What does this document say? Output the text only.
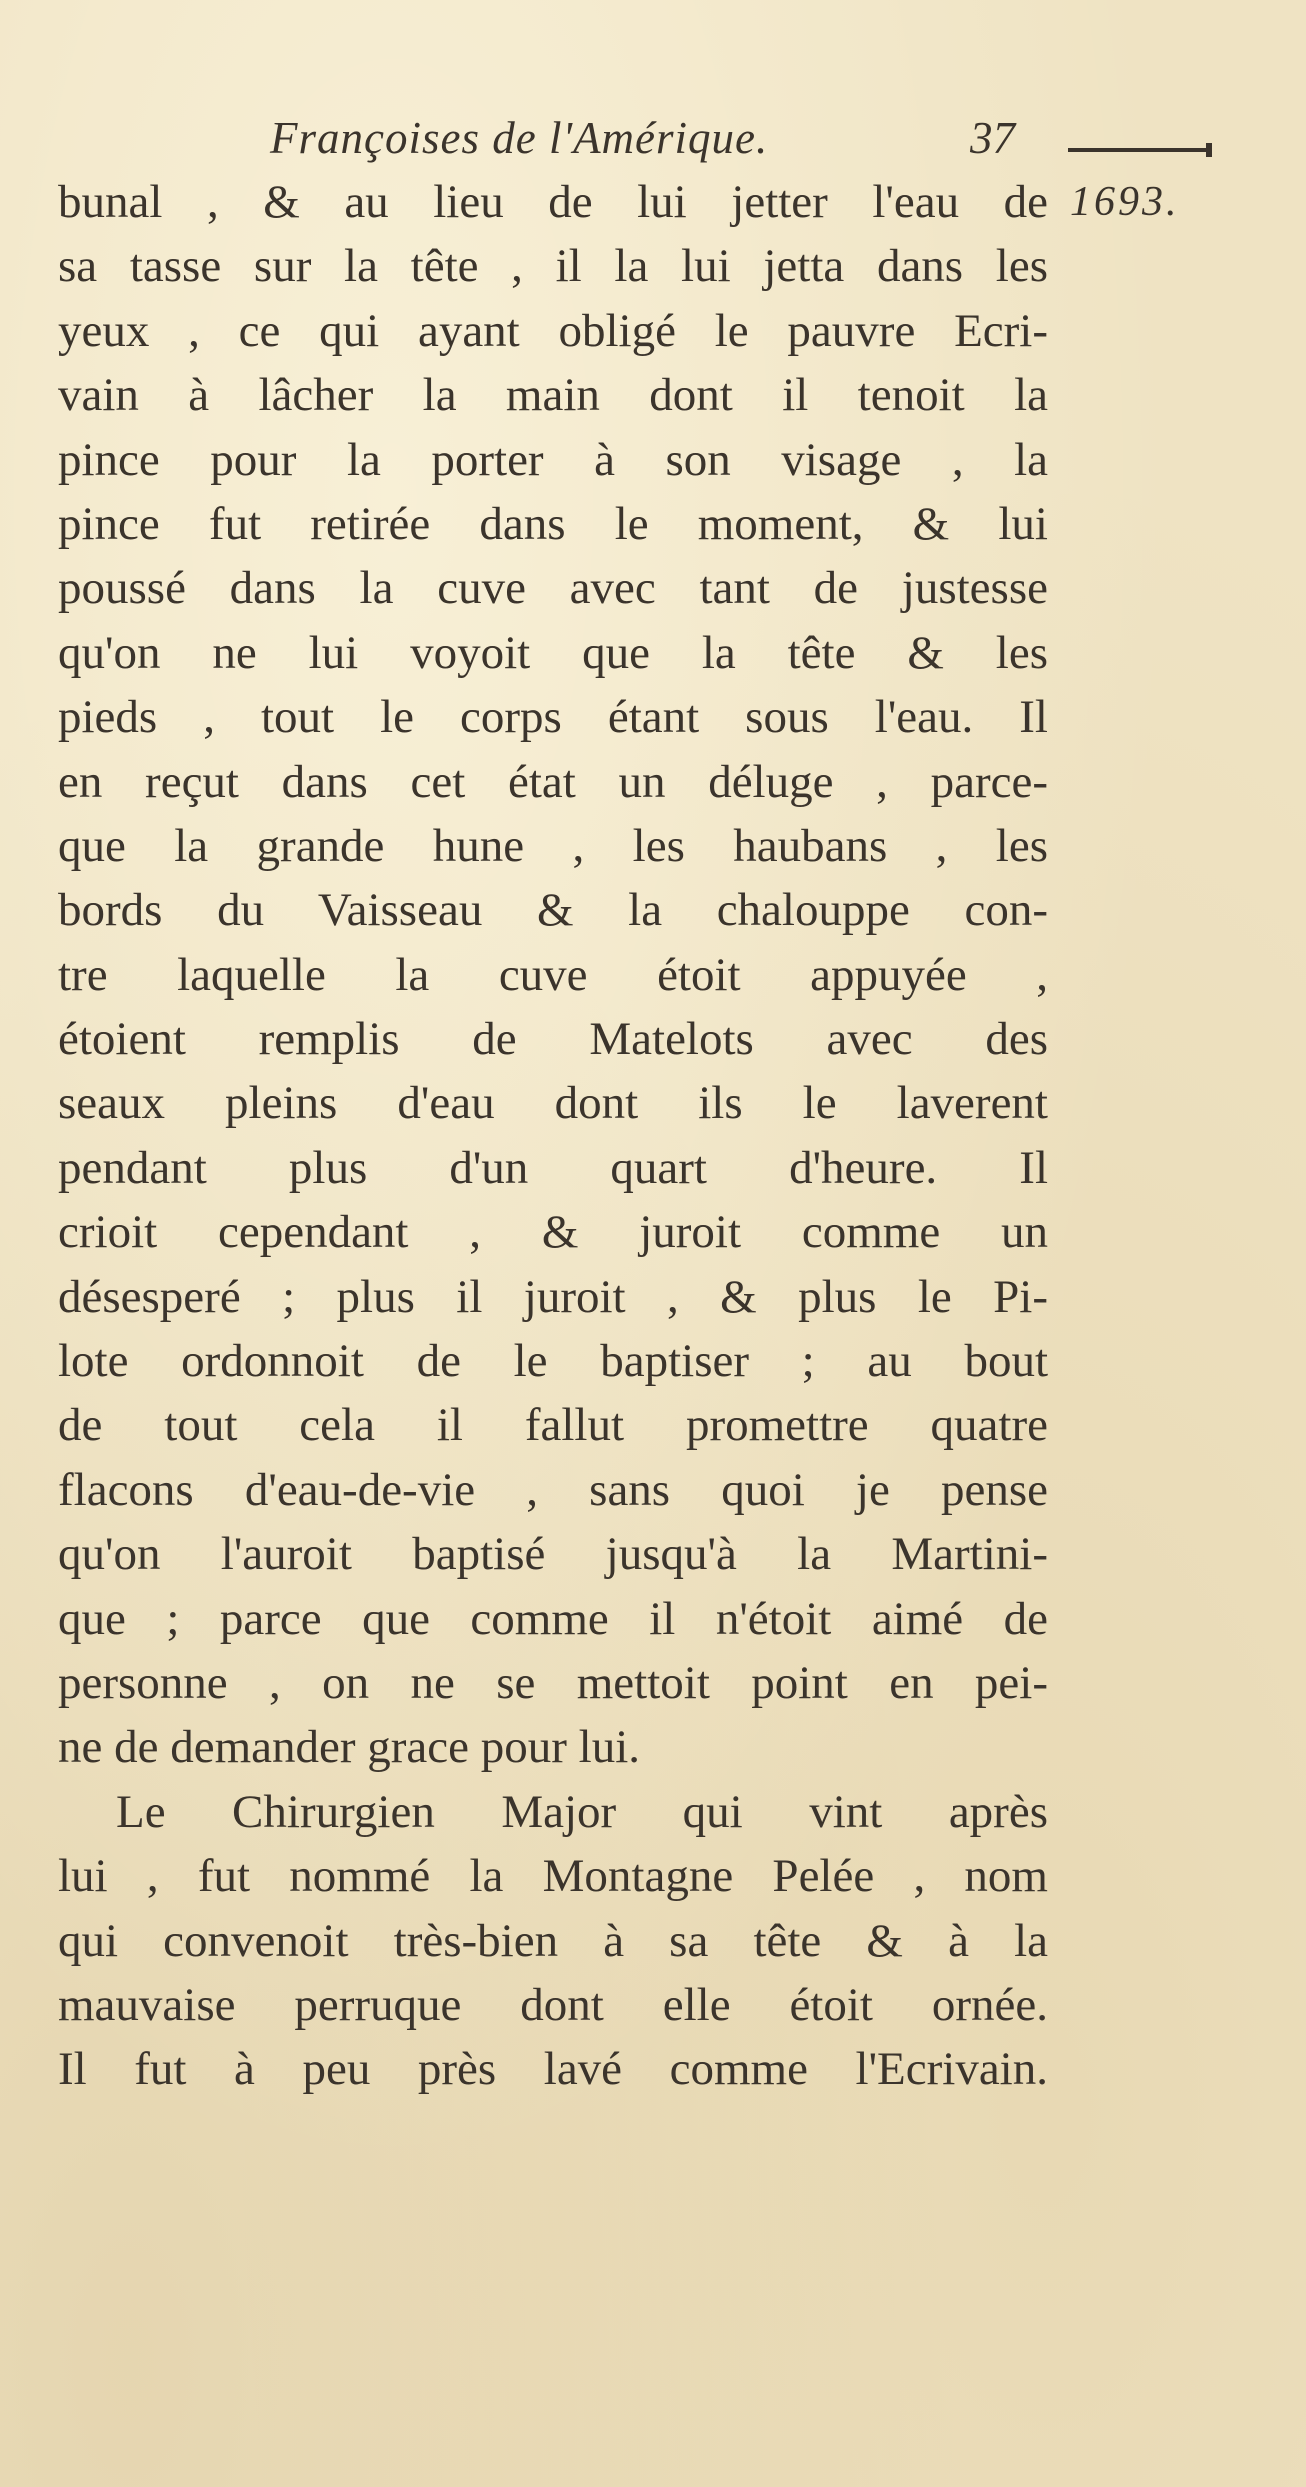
Françoises de l'Amérique.	37
1693.
bunal , & au lieu de lui jetter l'eau de
sa tasse sur la tête , il la lui jetta dans les
yeux , ce qui ayant obligé le pauvre Ecri-
vain à lâcher la main dont il tenoit la
pince pour la porter à son visage , la
pince fut retirée dans le moment, & lui
poussé dans la cuve avec tant de justesse
qu'on ne lui voyoit que la tête & les
pieds , tout le corps étant sous l'eau. Il
en reçut dans cet état un déluge , parce-
que la grande hune , les haubans , les
bords du Vaisseau & la chalouppe con-
tre laquelle la cuve étoit appuyée ,
étoient remplis de Matelots avec des
seaux pleins d'eau dont ils le laverent
pendant plus d'un quart d'heure. Il
crioit cependant , & juroit comme un
désesperé ; plus il juroit , & plus le Pi-
lote ordonnoit de le baptiser ; au bout
de tout cela il fallut promettre quatre
flacons d'eau-de-vie , sans quoi je pense
qu'on l'auroit baptisé jusqu'à la Martini-
que ; parce que comme il n'étoit aimé de
personne , on ne se mettoit point en pei-
ne de demander grace pour lui.
Le Chirurgien Major qui vint après
lui , fut nommé la Montagne Pelée , nom
qui convenoit très-bien à sa tête & à la
mauvaise perruque dont elle étoit ornée.
Il fut à peu près lavé comme l'Ecrivain.
